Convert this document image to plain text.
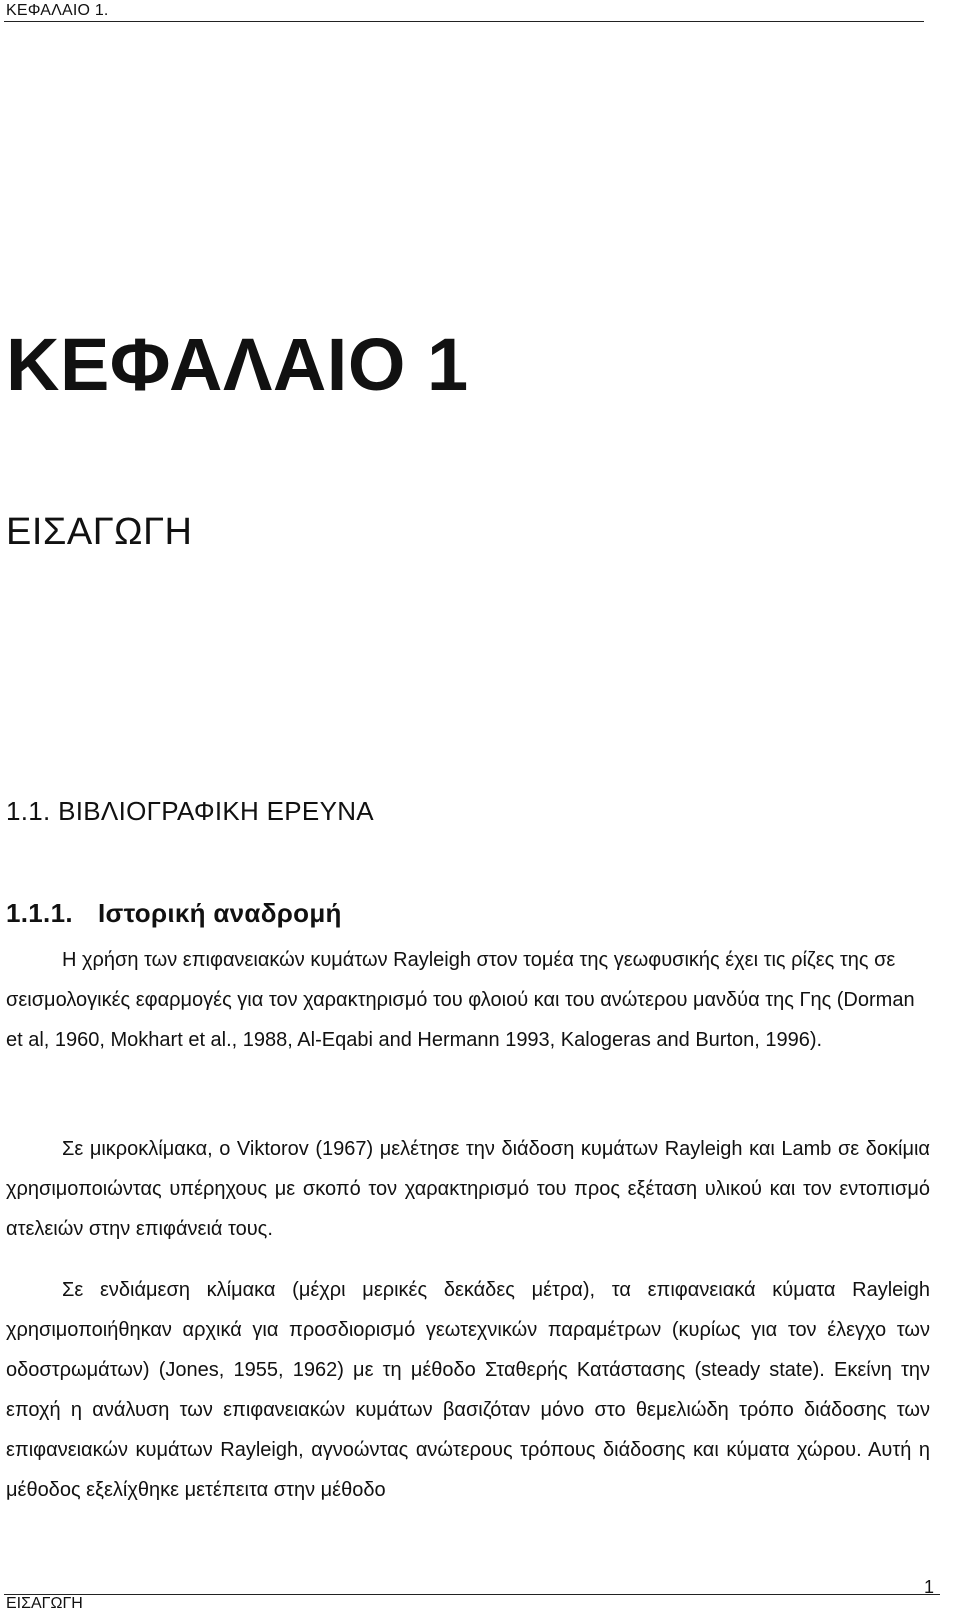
ΚΕΦΑΛΑΙΟ 1.
ΚΕΦΑΛΑΙΟ 1
ΕΙΣΑΓΩΓΗ
1.1. ΒΙΒΛΙΟΓΡΑΦΙΚΗ ΕΡΕΥΝΑ
1.1.1. Ιστορική αναδρομή

Η χρήση των επιφανειακών κυμάτων Rayleigh στον τομέα της γεωφυσικής έχει τις ρίζες της σε σεισμολογικές εφαρμογές για τον χαρακτηρισμό του φλοιού και του ανώτερου μανδύα της Γης (Dorman et al, 1960, Mokhart et al., 1988, Al-Eqabi and Hermann 1993, Kalogeras and Burton, 1996).

Σε μικροκλίμακα, ο Viktorov (1967) μελέτησε την διάδοση κυμάτων Rayleigh και Lamb σε δοκίμια χρησιμοποιώντας υπέρηχους με σκοπό τον χαρακτηρισμό του προς εξέταση υλικού και τον εντοπισμό ατελειών στην επιφάνειά τους.

Σε ενδιάμεση κλίμακα (μέχρι μερικές δεκάδες μέτρα), τα επιφανειακά κύματα Rayleigh χρησιμοποιήθηκαν αρχικά για προσδιορισμό γεωτεχνικών παραμέτρων (κυρίως για τον έλεγχο των οδοστρωμάτων) (Jones, 1955, 1962) με τη μέθοδο Σταθερής Κατάστασης (steady state). Εκείνη την εποχή η ανάλυση των επιφανειακών κυμάτων βασιζόταν μόνο στο θεμελιώδη τρόπο διάδοσης των επιφανειακών κυμάτων Rayleigh, αγνοώντας ανώτερους τρόπους διάδοσης και κύματα χώρου. Αυτή η μέθοδος εξελίχθηκε μετέπειτα στην μέθοδο

ΕΙΣΑΓΩΓΗ
1
